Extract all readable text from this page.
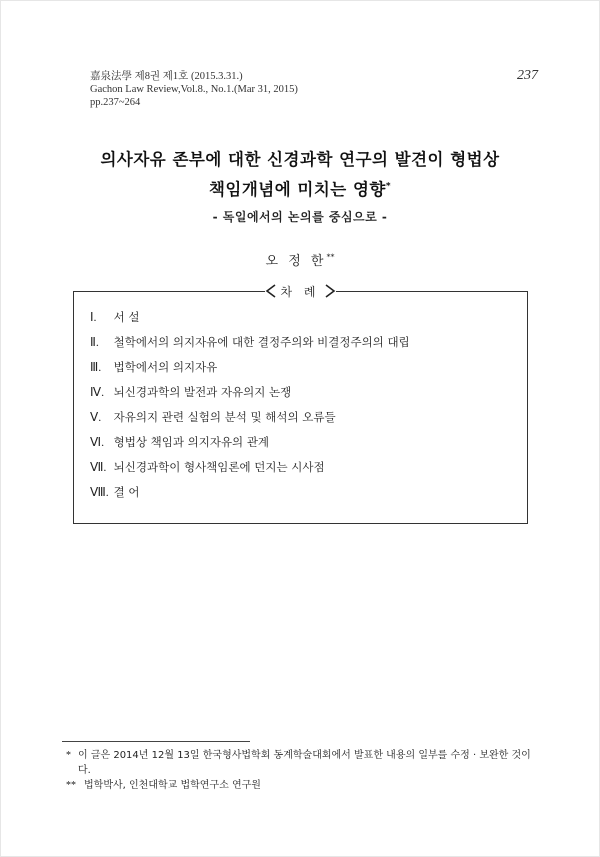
嘉泉法學 제8권 제1호 (2015.3.31.)
Gachon Law Review,Vol.8., No.1.(Mar 31, 2015)
pp.237~264
237
의사자유 존부에 대한 신경과학 연구의 발견이 형법상
책임개념에 미치는 영향*
- 독일에서의 논의를 중심으로 -
오 정 한**
차 례
Ⅰ. 서 설
Ⅱ. 철학에서의 의지자유에 대한 결정주의와 비결정주의의 대립
Ⅲ. 법학에서의 의지자유
Ⅳ. 뇌신경과학의 발전과 자유의지 논쟁
Ⅴ. 자유의지 관련 실험의 분석 및 해석의 오류들
Ⅵ. 형법상 책임과 의지자유의 관계
Ⅶ. 뇌신경과학이 형사책임론에 던지는 시사점
Ⅷ. 결 어
* 이 글은 2014년 12월 13일 한국형사법학회 동계학술대회에서 발표한 내용의 일부를 수정 · 보완한 것이다.
** 법학박사, 인천대학교 법학연구소 연구원
